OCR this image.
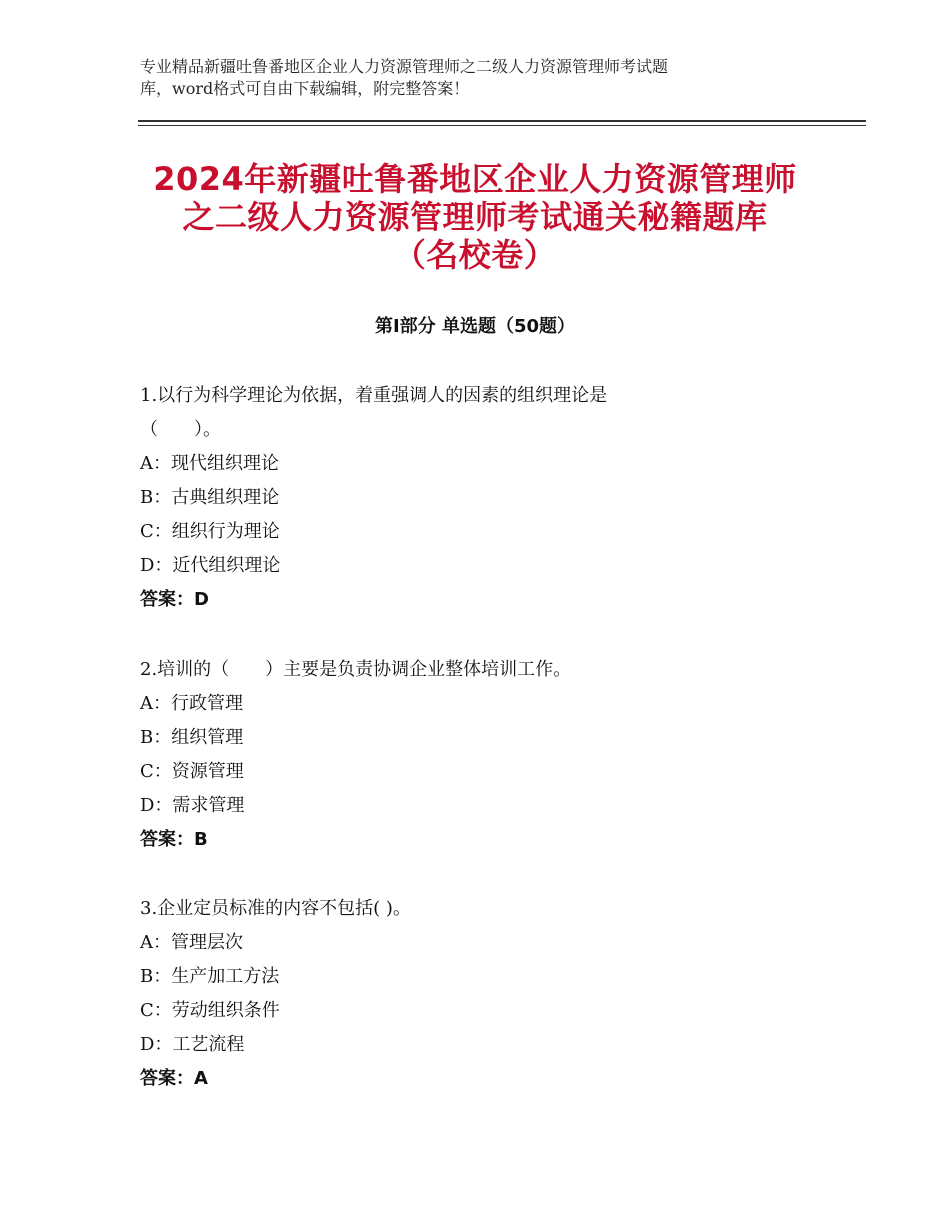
专业精品新疆吐鲁番地区企业人力资源管理师之二级人力资源管理师考试题
库，word格式可自由下载编辑，附完整答案！
2024年新疆吐鲁番地区企业人力资源管理师
之二级人力资源管理师考试通关秘籍题库
（名校卷）
第Ⅰ部分 单选题（50题）
1.以行为科学理论为依据，着重强调人的因素的组织理论是
（　　）。
A：现代组织理论
B：古典组织理论
C：组织行为理论
D：近代组织理论
答案：D
2.培训的（　　）主要是负责协调企业整体培训工作。
A：行政管理
B：组织管理
C：资源管理
D：需求管理
答案：B
3.企业定员标准的内容不包括( )。
A：管理层次
B：生产加工方法
C：劳动组织条件
D：工艺流程
答案：A
